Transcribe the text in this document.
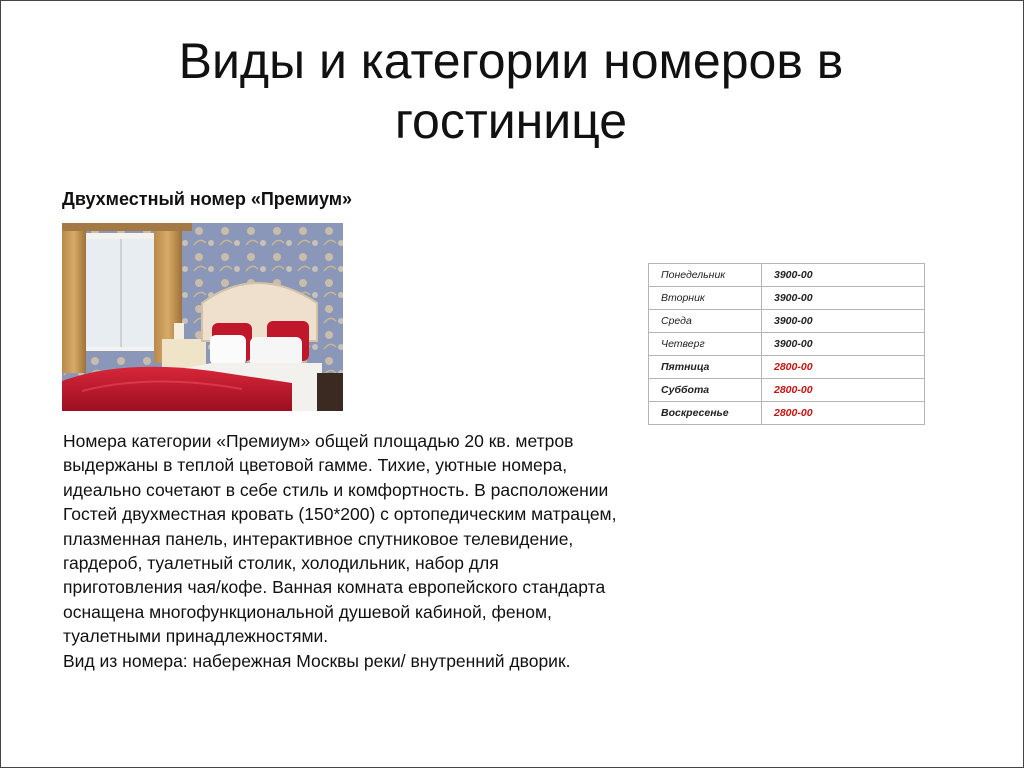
Виды и категории номеров в гостинице
Двухместный номер «Премиум»

Номера категории «Премиум» общей площадью 20 кв. метров выдержаны в теплой цветовой гамме. Тихие, уютные номера, идеально сочетают в себе стиль и комфортность. В расположении Гостей двухместная кровать (150*200) с ортопедическим матрацем, плазменная панель, интерактивное спутниковое телевидение, гардероб, туалетный столик, холодильник, набор для приготовления чая/кофе. Ванная комната европейского стандарта оснащена многофункциональной душевой кабиной, феном, туалетными принадлежностями.

Вид из номера: набережная Москвы реки/ внутренний дворик.

Понедельник	3900-00
Вторник	3900-00
Среда	3900-00
Четверг	3900-00
Пятница	2800-00
Суббота	2800-00
Воскресенье	2800-00
